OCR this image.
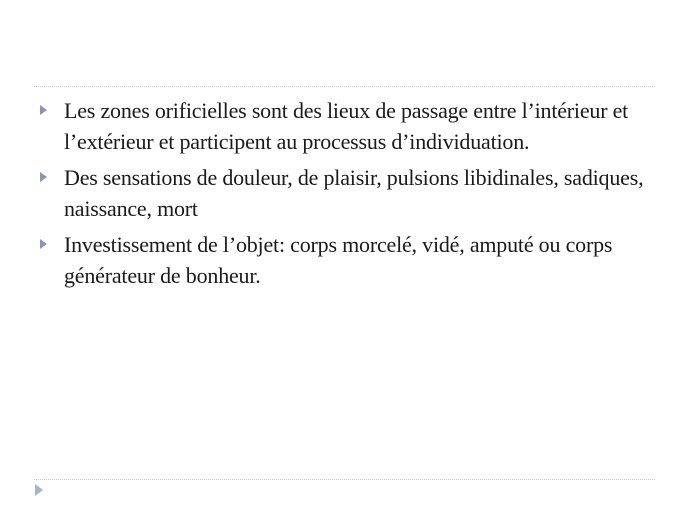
Les zones orificielles sont des lieux de passage entre l’intérieur et l’extérieur et participent au processus d’individuation.
Des sensations de douleur, de plaisir, pulsions libidinales, sadiques, naissance, mort
Investissement de l’objet: corps morcelé, vidé, amputé ou corps générateur de bonheur.
